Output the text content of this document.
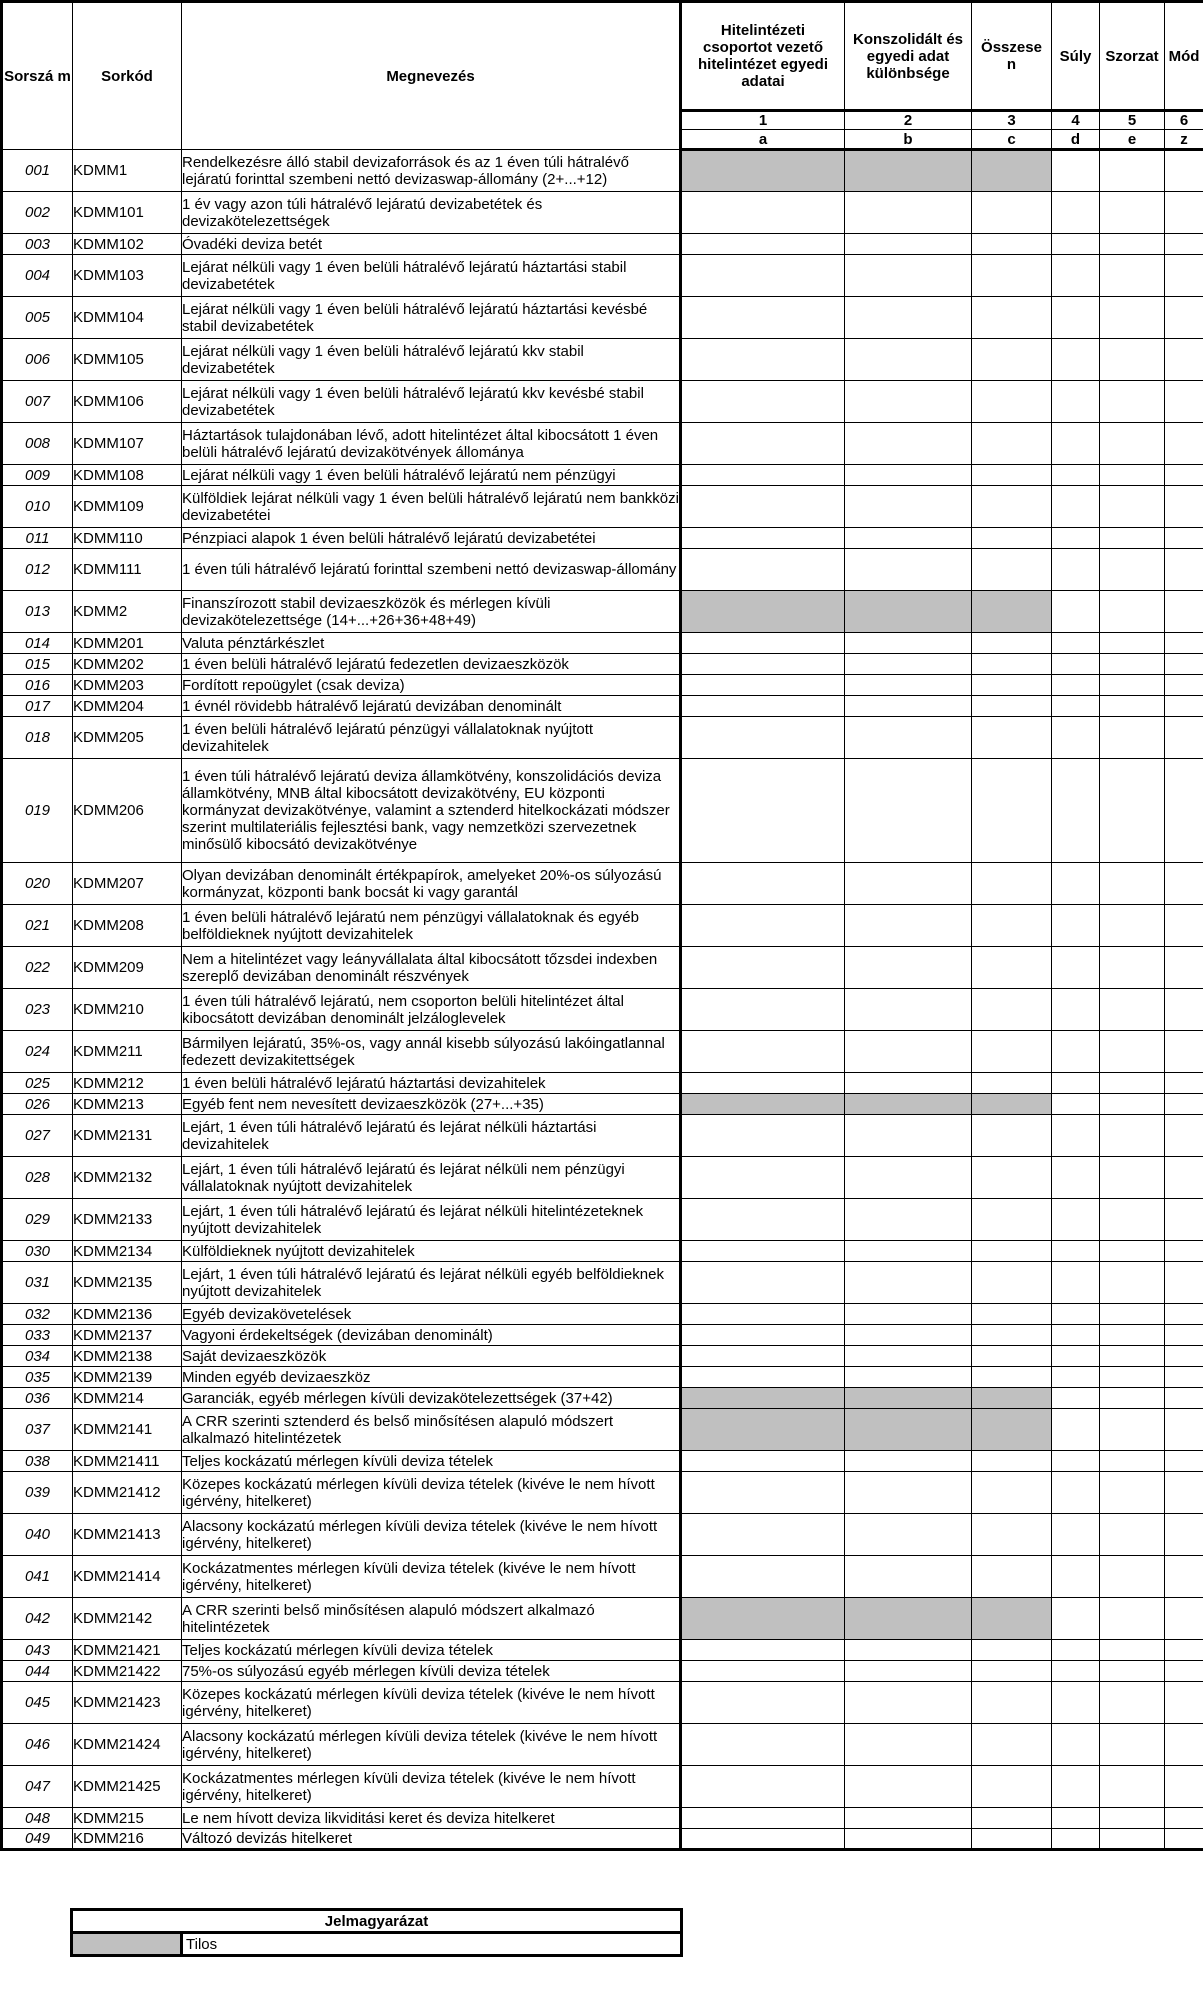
Sorszá m	Sorkód	Megnevezés	Hitelintézeti csoportot vezető hitelintézet egyedi adatai	Konszolidált és egyedi adat különbsége	Összese n	Súly	Szorzat	Mód
			1	2	3	4	5	6
			a	b	c	d	e	z
001	KDMM1	Rendelkezésre álló stabil devizaforrások és az 1 éven túli hátralévő lejáratú forinttal szembeni nettó devizaswap-állomány (2+...+12)						
002	KDMM101	1 év vagy azon túli hátralévő lejáratú devizabetétek és devizakötelezettségek						
003	KDMM102	Óvadéki deviza betét						
004	KDMM103	Lejárat nélküli vagy 1 éven belüli hátralévő lejáratú háztartási stabil devizabetétek						
005	KDMM104	Lejárat nélküli vagy 1 éven belüli hátralévő lejáratú háztartási kevésbé stabil devizabetétek						
006	KDMM105	Lejárat nélküli vagy 1 éven belüli hátralévő lejáratú kkv stabil devizabetétek						
007	KDMM106	Lejárat nélküli vagy 1 éven belüli hátralévő lejáratú kkv kevésbé stabil devizabetétek						
008	KDMM107	Háztartások tulajdonában lévő, adott hitelintézet által kibocsátott 1 éven belüli hátralévő lejáratú devizakötvények állománya						
009	KDMM108	Lejárat nélküli vagy 1 éven belüli hátralévő lejáratú nem pénzügyi						
010	KDMM109	Külföldiek lejárat nélküli vagy 1 éven belüli hátralévő lejáratú nem bankközi devizabetétei						
011	KDMM110	Pénzpiaci alapok 1 éven belüli hátralévő lejáratú devizabetétei						
012	KDMM111	1 éven túli hátralévő lejáratú forinttal szembeni nettó devizaswap-állomány						
013	KDMM2	Finanszírozott stabil devizaeszközök és mérlegen kívüli devizakötelezettsége (14+...+26+36+48+49)						
014	KDMM201	Valuta pénztárkészlet						
015	KDMM202	1 éven belüli hátralévő lejáratú fedezetlen devizaeszközök						
016	KDMM203	Fordított repoügylet (csak deviza)						
017	KDMM204	1 évnél rövidebb hátralévő lejáratú devizában denominált						
018	KDMM205	1 éven belüli hátralévő lejáratú pénzügyi vállalatoknak nyújtott devizahitelek						
019	KDMM206	1 éven túli hátralévő lejáratú deviza államkötvény, konszolidációs deviza államkötvény, MNB által kibocsátott devizakötvény, EU központi kormányzat devizakötvénye, valamint a sztenderd hitelkockázati módszer szerint multilateriális fejlesztési bank, vagy nemzetközi szervezetnek minősülő kibocsátó devizakötvénye						
020	KDMM207	Olyan devizában denominált értékpapírok, amelyeket 20%-os súlyozású kormányzat, központi bank bocsát ki vagy garantál						
021	KDMM208	1 éven belüli hátralévő lejáratú nem pénzügyi vállalatoknak és egyéb belföldieknek nyújtott devizahitelek						
022	KDMM209	Nem a hitelintézet vagy leányvállalata által kibocsátott tőzsdei indexben szereplő devizában denominált részvények						
023	KDMM210	1 éven túli hátralévő lejáratú, nem csoporton belüli hitelintézet által kibocsátott devizában denominált jelzáloglevelek						
024	KDMM211	Bármilyen lejáratú, 35%-os, vagy annál kisebb súlyozású lakóingatlannal fedezett devizakitettségek						
025	KDMM212	1 éven belüli hátralévő lejáratú háztartási devizahitelek						
026	KDMM213	Egyéb fent nem nevesített devizaeszközök (27+...+35)						
027	KDMM2131	Lejárt, 1 éven túli hátralévő lejáratú és lejárat nélküli háztartási devizahitelek						
028	KDMM2132	Lejárt, 1 éven túli hátralévő lejáratú és lejárat nélküli nem pénzügyi vállalatoknak nyújtott devizahitelek						
029	KDMM2133	Lejárt, 1 éven túli hátralévő lejáratú és lejárat nélküli hitelintézeteknek nyújtott devizahitelek						
030	KDMM2134	Külföldieknek nyújtott devizahitelek						
031	KDMM2135	Lejárt, 1 éven túli hátralévő lejáratú és lejárat nélküli egyéb belföldieknek nyújtott devizahitelek						
032	KDMM2136	Egyéb devizakövetelések						
033	KDMM2137	Vagyoni érdekeltségek (devizában denominált)						
034	KDMM2138	Saját devizaeszközök						
035	KDMM2139	Minden egyéb devizaeszköz						
036	KDMM214	Garanciák, egyéb mérlegen kívüli devizakötelezettségek (37+42)						
037	KDMM2141	A CRR szerinti sztenderd és belső minősítésen alapuló módszert alkalmazó hitelintézetek						
038	KDMM21411	Teljes kockázatú mérlegen kívüli deviza tételek						
039	KDMM21412	Közepes kockázatú mérlegen kívüli deviza tételek (kivéve le nem hívott igérvény, hitelkeret)						
040	KDMM21413	Alacsony kockázatú mérlegen kívüli deviza tételek (kivéve le nem hívott igérvény, hitelkeret)						
041	KDMM21414	Kockázatmentes mérlegen kívüli deviza tételek (kivéve le nem hívott igérvény, hitelkeret)						
042	KDMM2142	A CRR szerinti belső minősítésen alapuló módszert alkalmazó hitelintézetek						
043	KDMM21421	Teljes kockázatú mérlegen kívüli deviza tételek						
044	KDMM21422	75%-os súlyozású egyéb mérlegen kívüli deviza tételek						
045	KDMM21423	Közepes kockázatú mérlegen kívüli deviza tételek (kivéve le nem hívott igérvény, hitelkeret)						
046	KDMM21424	Alacsony kockázatú mérlegen kívüli deviza tételek (kivéve le nem hívott igérvény, hitelkeret)						
047	KDMM21425	Kockázatmentes mérlegen kívüli deviza tételek (kivéve le nem hívott igérvény, hitelkeret)						
048	KDMM215	Le nem hívott deviza likviditási keret és deviza hitelkeret						
049	KDMM216	Változó devizás hitelkeret						
Jelmagyarázat
	Tilos
